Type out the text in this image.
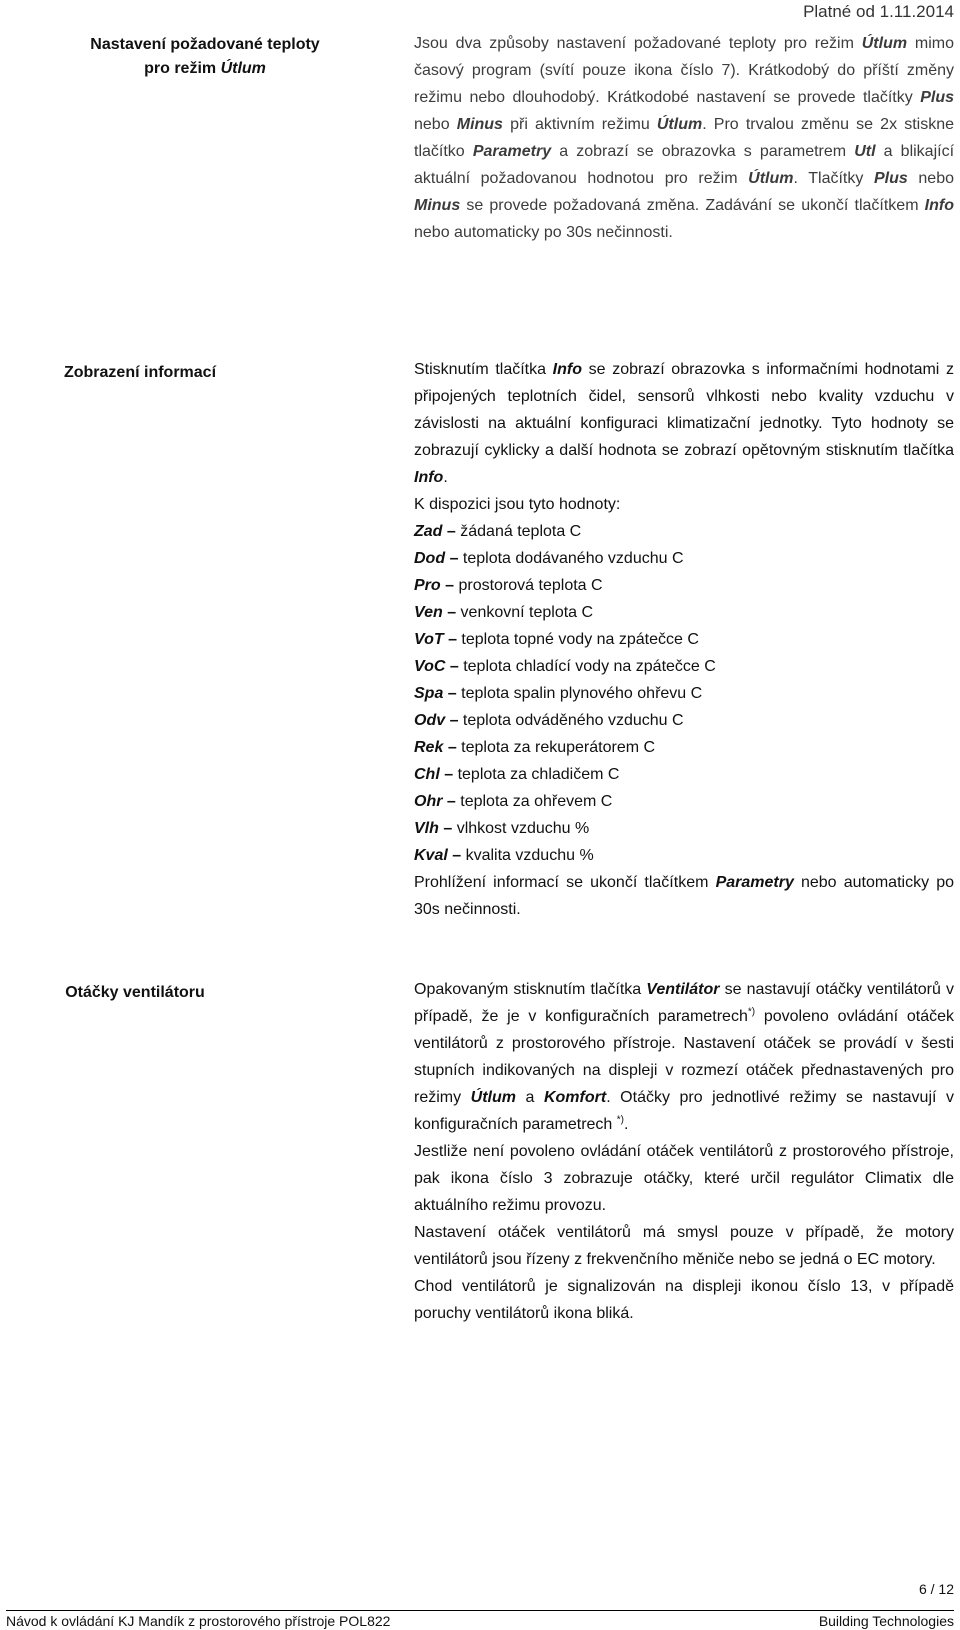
Platné od 1.11.2014
Nastavení požadované teploty
pro režim Útlum

Jsou dva způsoby nastavení požadované teploty pro režim Útlum mimo časový program (svítí pouze ikona číslo 7). Krátkodobý do příští změny režimu nebo dlouhodobý. Krátkodobé nastavení se provede tlačítky Plus nebo Minus při aktivním režimu Útlum. Pro trvalou změnu se 2x stiskne tlačítko Parametry a zobrazí se obrazovka s parametrem Utl a blikající aktuální požadovanou hodnotou pro režim Útlum. Tlačítky Plus nebo Minus se provede požadovaná změna. Zadávání se ukončí tlačítkem Info nebo automaticky po 30s nečinnosti.

Zobrazení informací	Stisknutím tlačítka Info se zobrazí obrazovka s informačními hodnotami z připojených teplotních čidel, sensorů vlhkosti nebo kvality vzduchu v závislosti na aktuální konfiguraci klimatizační jednotky. Tyto hodnoty se zobrazují cyklicky a další hodnota se zobrazí opětovným stisknutím tlačítka Info.

K dispozici jsou tyto hodnoty:

Zad – žádaná teplota C

Dod – teplota dodávaného vzduchu C

Pro – prostorová teplota C

Ven – venkovní teplota C

VoT – teplota topné vody na zpátečce C

VoC – teplota chladící vody na zpátečce C

Spa – teplota spalin plynového ohřevu C

Odv – teplota odváděného vzduchu C

Rek – teplota za rekuperátorem C

Chl – teplota za chladičem C

Ohr – teplota za ohřevem C

Vlh – vlhkost vzduchu %

Kval – kvalita vzduchu %

Prohlížení informací se ukončí tlačítkem Parametry nebo automaticky po 30s nečinnosti.

Otáčky ventilátoru	Opakovaným stisknutím tlačítka Ventilátor se nastavují otáčky ventilátorů v případě, že je v konfiguračních parametrech*) povoleno ovládání otáček ventilátorů z prostorového přístroje. Nastavení otáček se provádí v šesti stupních indikovaných na displeji v rozmezí otáček přednastavených pro režimy Útlum a Komfort. Otáčky pro jednotlivé režimy se nastavují v konfiguračních parametrech *).

Jestliže není povoleno ovládání otáček ventilátorů z prostorového přístroje, pak ikona číslo 3 zobrazuje otáčky, které určil regulátor Climatix dle aktuálního režimu provozu.

Nastavení otáček ventilátorů má smysl pouze v případě, že motory ventilátorů jsou řízeny z frekvenčního měniče nebo se jedná o EC motory.

Chod ventilátorů je signalizován na displeji ikonou číslo 13, v případě poruchy ventilátorů ikona bliká.

6 / 12
Návod k ovládání KJ Mandík z prostorového přístroje POL822	Building Technologies
